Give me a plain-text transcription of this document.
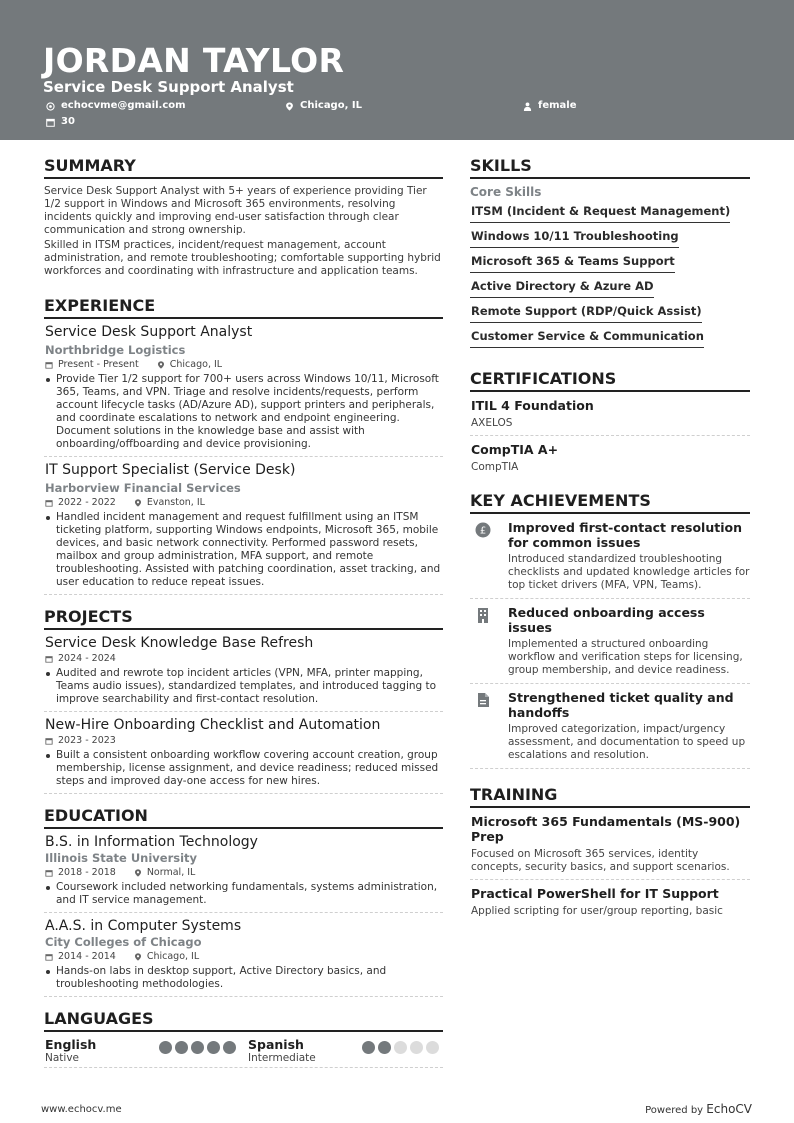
JORDAN TAYLOR
Service Desk Support Analyst
echocvme@gmail.com	Chicago, IL	female
30
SUMMARY

Service Desk Support Analyst with 5+ years of experience providing Tier 1/2 support in Windows and Microsoft 365 environments, resolving incidents quickly and improving end-user satisfaction through clear communication and strong ownership.

Skilled in ITSM practices, incident/request management, account administration, and remote troubleshooting; comfortable supporting hybrid workforces and coordinating with infrastructure and application teams.

EXPERIENCE
Service Desk Support Analyst
Northbridge Logistics
Present - Present	Chicago, IL
Provide Tier 1/2 support for 700+ users across Windows 10/11, Microsoft 365, Teams, and VPN. Triage and resolve incidents/requests, perform account lifecycle tasks (AD/Azure AD), support printers and peripherals, and coordinate escalations to network and endpoint engineering. Document solutions in the knowledge base and assist with onboarding/offboarding and device provisioning.
IT Support Specialist (Service Desk)
Harborview Financial Services
2022 - 2022	Evanston, IL
Handled incident management and request fulfillment using an ITSM ticketing platform, supporting Windows endpoints, Microsoft 365, mobile devices, and basic network connectivity. Performed password resets, mailbox and group administration, MFA support, and remote troubleshooting. Assisted with patching coordination, asset tracking, and user education to reduce repeat issues.
PROJECTS
Service Desk Knowledge Base Refresh
2024 - 2024
Audited and rewrote top incident articles (VPN, MFA, printer mapping, Teams audio issues), standardized templates, and introduced tagging to improve searchability and first-contact resolution.
New-Hire Onboarding Checklist and Automation
2023 - 2023
Built a consistent onboarding workflow covering account creation, group membership, license assignment, and device readiness; reduced missed steps and improved day-one access for new hires.
EDUCATION
B.S. in Information Technology
Illinois State University
2018 - 2018	Normal, IL
Coursework included networking fundamentals, systems administration, and IT service management.
A.A.S. in Computer Systems
City Colleges of Chicago
2014 - 2014	Chicago, IL
Hands-on labs in desktop support, Active Directory basics, and troubleshooting methodologies.
LANGUAGES
English
Native
Spanish
Intermediate
SKILLS
Core Skills
ITSM (Incident & Request Management)
Windows 10/11 Troubleshooting
Microsoft 365 & Teams Support
Active Directory & Azure AD
Remote Support (RDP/Quick Assist)
Customer Service & Communication
CERTIFICATIONS
ITIL 4 Foundation
AXELOS
CompTIA A+
CompTIA
KEY ACHIEVEMENTS
£ Improved first-contact resolution for common issues
Introduced standardized troubleshooting checklists and updated knowledge articles for top ticket drivers (MFA, VPN, Teams).
Reduced onboarding access issues
Implemented a structured onboarding workflow and verification steps for licensing, group membership, and device readiness.
Strengthened ticket quality and handoffs
Improved categorization, impact/urgency assessment, and documentation to speed up escalations and resolution.
TRAINING
Microsoft 365 Fundamentals (MS-900) Prep
Focused on Microsoft 365 services, identity concepts, security basics, and support scenarios.
Practical PowerShell for IT Support
Applied scripting for user/group reporting, basic
www.echocv.me	Powered by EchoCV
